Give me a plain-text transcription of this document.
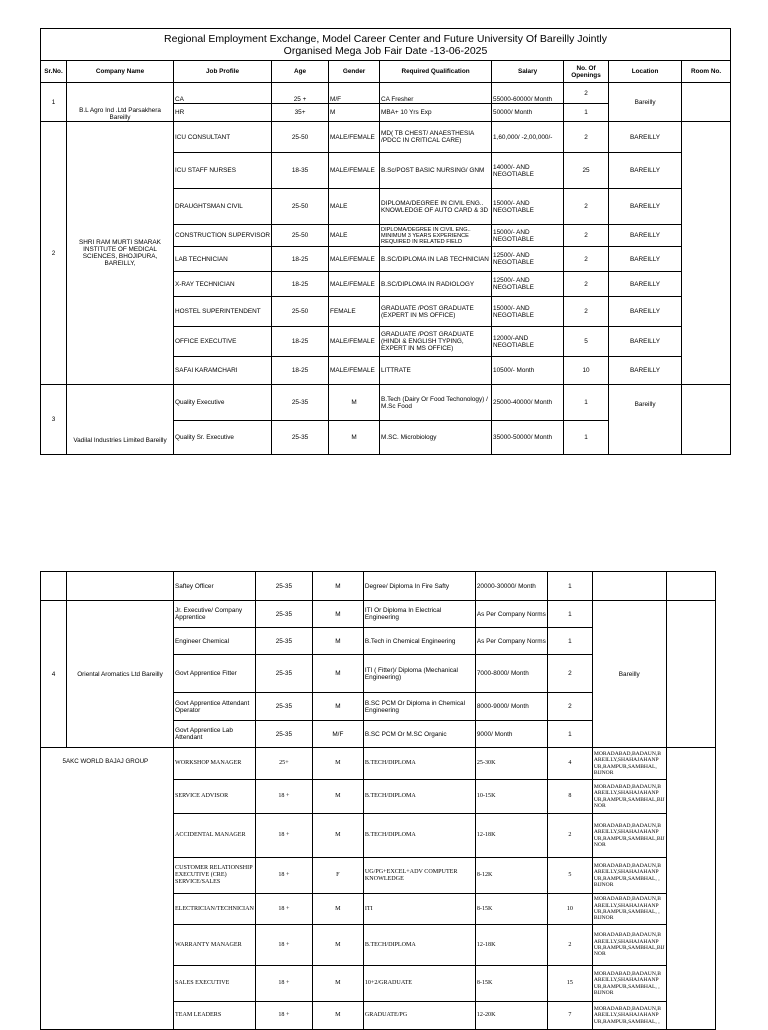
Regional Employment Exchange, Model Career Center and Future University Of Bareilly Jointly
Organised Mega Job Fair Date -13-06-2025									
Sr.No.	Company Name	Job Profile	Age	Gender	Required Qualification	Salary	No. Of Openings	Location	Room No.
1	B.L Agro Ind .Ltd Parsakhera Bareilly	CA	25 +	M/F	CA Fresher	55000-60000/ Month	2	Bareilly	
		HR	35+	M	MBA+ 10 Yrs Exp	50000/ Month	1		
2	SHRI RAM MURTI SMARAK INSTITUTE OF MEDICAL SCIENCES, BHOJIPURA, BAREILLY,	ICU CONSULTANT	25-50	MALE/FEMALE	MD( TB CHEST/ ANAESTHESIA /PDCC IN CRITICAL CARE)	1,60,000/ -2,00,000/-	2	BAREILLY	
		ICU STAFF NURSES	18-35	MALE/FEMALE	B.Sc/POST BASIC NURSING/ GNM	14000/- AND NEGOTIABLE	25	BAREILLY	
		DRAUGHTSMAN CIVIL	25-50	MALE	DIPLOMA/DEGREE IN CIVIL ENG.. KNOWLEDGE OF AUTO CARD & 3D	15000/- AND NEGOTIABLE	2	BAREILLY	
		CONSTRUCTION SUPERVISOR	25-50	MALE	DIPLOMA/DEGREE IN CIVIL ENG.. MINIMUM 3 YEARS EXPERIENCE REQUIRED IN RELATED FIELD	15000/- AND NEGOTIABLE	2	BAREILLY	
		LAB TECHNICIAN	18-25	MALE/FEMALE	B.SC/DIPLOMA IN LAB TECHNICIAN	12500/- AND NEGOTIABLE	2	BAREILLY	
		X-RAY TECHNICIAN	18-25	MALE/FEMALE	B.SC/DIPLOMA IN RADIOLOGY	12500/- AND NEGOTIABLE	2	BAREILLY	
		HOSTEL SUPERINTENDENT	25-50	FEMALE	GRADUATE /POST GRADUATE (EXPERT IN MS OFFICE)	15000/- AND NEGOTIABLE	2	BAREILLY	
		OFFICE EXECUTIVE	18-25	MALE/FEMALE	GRADUATE /POST GRADUATE (HINDI & ENGLISH TYPING, EXPERT IN MS OFFICE)	12000/-AND NEGOTIABLE	5	BAREILLY	
		SAFAI KARAMCHARI	18-25	MALE/FEMALE	LITTRATE	10500/- Month	10	BAREILLY	
3	Vadilal Industries Limited Bareilly	Quality Executive	25-35	M	B.Tech (Dairy Or Food Techonology) / M.Sc Food	25000-40000/ Month	1	Bareilly	
		Quality Sr. Executive	25-35	M	M.SC. Microbiology	35000-50000/ Month	1		
		Saftey Officer	25-35	M	Degree/ Diploma In Fire Safty	20000-30000/ Month	1		
4	Oriental Aromatics Ltd Bareilly	Jr. Executive/ Company Apprentice	25-35	M	ITI Or Diploma In Electrical Engineering	As Per Company Norms	1	Bareilly	
		Engineer Chemical	25-35	M	B.Tech in Chemical Engineering	As Per Company Norms	1		
		Govt Apprentice Fitter	25-35	M	ITI ( Fitter)/ Diploma (Mechanical Engineering)	7000-8000/ Month	2		
		Govt Apprentice Attendant Operator	25-35	M	B.SC PCM Or Diploma in Chemical Engineering	8000-9000/ Month	2		
		Govt Apprentice Lab Attendant	25-35	M/F	B.SC PCM Or M.SC Organic	9000/ Month	1		
5AKC WORLD BAJAJ GROUP		WORKSHOP MANAGER	25+	M	B.TECH/DIPLOMA	25-30K	4	MORADABAD,BADAUN,B AREILLY,SHAHAJAHANP UR,RAMPUR,SAMBHAL, BIJNOR	
		SERVICE ADVISOR	18 +	M	B.TECH/DIPLOMA	10-15K	8	MORADABAD,BADAUN,B AREILLY,SHAHAJAHANP UR,RAMPUR,SAMBHAL,BIJ NOR	
		ACCIDENTAL MANAGER	18 +	M	B.TECH/DIPLOMA	12-18K	2	MORADABAD,BADAUN,B AREILLY,SHAHAJAHANP UR,RAMPUR,SAMBHAL,BIJ NOR	
		CUSTOMER RELATIONSHIP EXECUTIVE (CRE) SERVICE/SALES	18 +	F	UG/PG+EXCEL+ADV COMPUTER KNOWLEDGE	8-12K	5	MORADABAD,BADAUN,B AREILLY,SHAHAJAHANP UR,RAMPUR,SAMBHAL, , BIJNOR	
		ELECTRICIAN/TECHNICIAN	18 +	M	ITI	8-15K	10	MORADABAD,BADAUN,B AREILLY,SHAHAJAHANP UR,RAMPUR,SAMBHAL, , BIJNOR	
		WARRANTY MANAGER	18 +	M	B.TECH/DIPLOMA	12-18K	2	MORADABAD,BADAUN,B AREILLY,SHAHAJAHANP UR,RAMPUR,SAMBHAL,BIJ NOR	
		SALES EXECUTIVE	18 +	M	10+2/GRADUATE	8-15K	15	MORADABAD,BADAUN,B AREILLY,SHAHAJAHANP UR,RAMPUR,SAMBHAL, , BIJNOR	
		TEAM LEADERS	18 +	M	GRADUATE/PG	12-20K	7	MORADABAD,BADAUN,B AREILLY,SHAHAJAHANP UR,RAMPUR,SAMBHAL, ,	
